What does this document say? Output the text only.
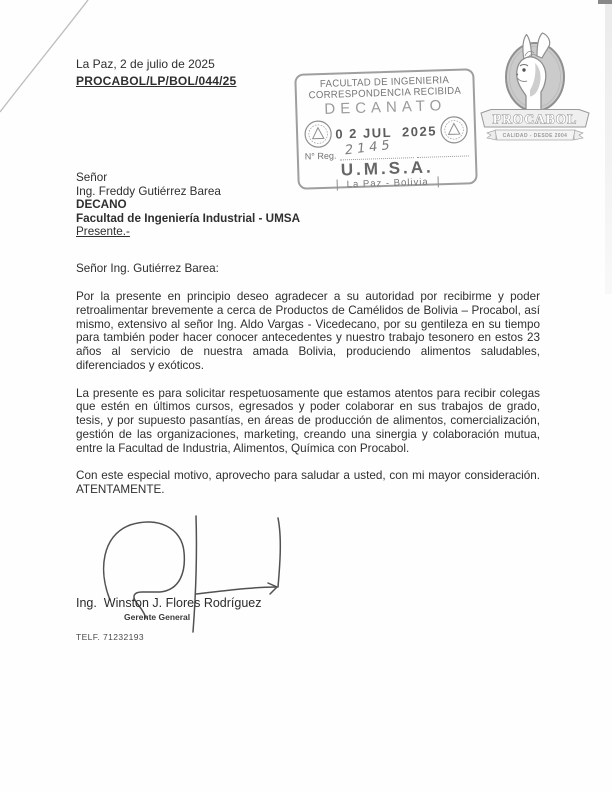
La Paz, 2 de julio de 2025
PROCABOL/LP/BOL/044/25	FACULTAD DE INGENIERIA
CORRESPONDENCIA RECIBIDA
DECANATO
0 2 JUL  2025
N° Reg. 2145
U.M.S.A.
La Paz - Bolivia
PROCABOL
CALIDAD - DESDE 2004
Señor
Ing. Freddy Gutiérrez Barea
DECANO
Facultad de Ingeniería Industrial - UMSA
Presente.-
Señor Ing. Gutiérrez Barea:

Por la presente en principio deseo agradecer a su autoridad por recibirme y poder retroalimentar brevemente a cerca de Productos de Camélidos de Bolivia – Procabol, así mismo, extensivo al señor Ing. Aldo Vargas - Vicedecano, por su gentileza en su tiempo para también poder hacer conocer antecedentes y nuestro trabajo tesonero en estos 23 años al servicio de nuestra amada Bolivia, produciendo alimentos saludables, diferenciados y exóticos.

La presente es para solicitar respetuosamente que estamos atentos para recibir colegas que estén en últimos cursos, egresados y poder colaborar en sus trabajos de grado, tesis, y por supuesto pasantías, en áreas de producción de alimentos, comercialización, gestión de las organizaciones, marketing, creando una sinergia y colaboración mutua, entre la Facultad de Industria, Alimentos, Química con Procabol.

Con este especial motivo, aprovecho para saludar a usted, con mi mayor consideración. ATENTAMENTE.

Ing.  Winston J. Flores Rodríguez
Gerente General
TELF. 71232193
